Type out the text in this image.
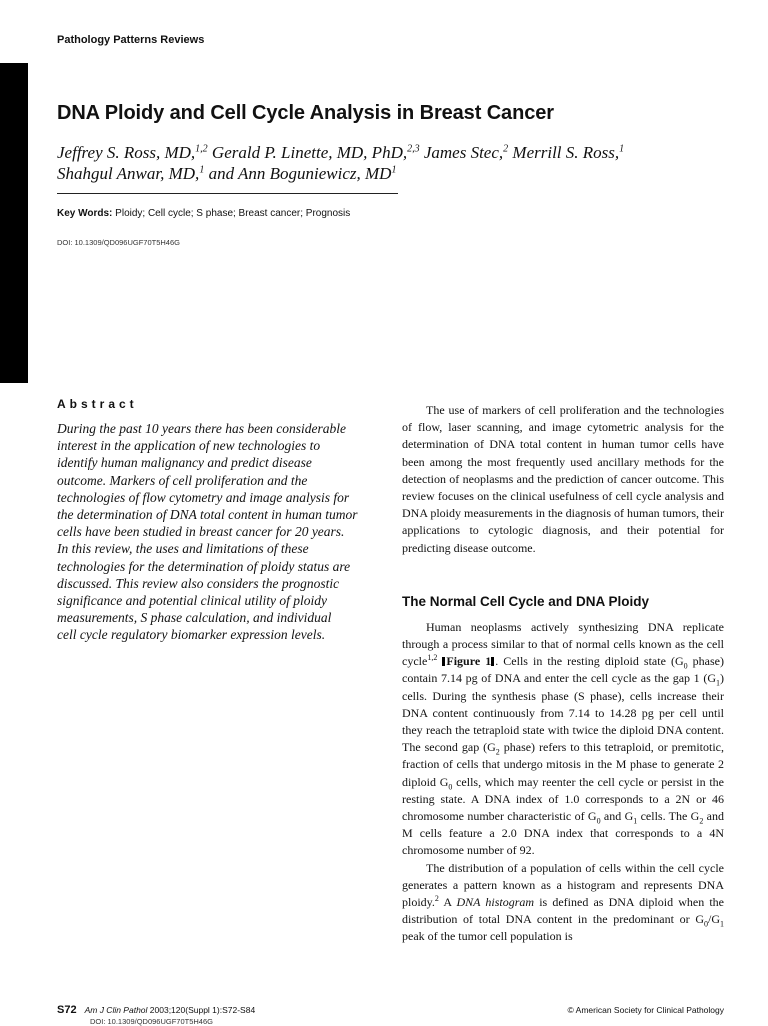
Pathology Patterns Reviews
DNA Ploidy and Cell Cycle Analysis in Breast Cancer
Jeffrey S. Ross, MD,$^{1,2}$ Gerald P. Linette, MD, PhD,$^{2,3}$ James Stec,$^2$ Merrill S. Ross,$^1$
Shahgul Anwar, MD,$^1$ and Ann Boguniewicz, $MD^1$
Key Words: Ploidy; Cell cycle; S phase; Breast cancer; Prognosis
DOI: 10.1309/QD096UGF70T5H46G
Abstract
During the past 10 years there has been considerable
interest in the application of new technologies to
identify human malignancy and predict disease
outcome. Markers of cell proliferation and the
technologies of flow cytometry and image analysis for
the determination of DNA total content in human tumor
cells have been studied in breast cancer for 20 years.
In this review, the uses and limitations of these
technologies for the determination of ploidy status are
discussed. This review also considers the prognostic
significance and potential clinical utility of ploidy
measurements, S phase calculation, and individual
cell cycle regulatory biomarker expression levels.

The use of markers of cell proliferation and the technologies of flow, laser scanning, and image cytometric analysis for the determination of DNA total content in human tumor cells have been among the most frequently used ancillary methods for the detection of neoplasms and the prediction of cancer outcome. This review focuses on the clinical usefulness of cell cycle analysis and DNA ploidy measurements in the diagnosis of human tumors, their applications to cytologic diagnosis, and their potential for predicting disease outcome.

The Normal Cell Cycle and DNA Ploidy

Human neoplasms actively synthesizing DNA replicate through a process similar to that of normal cells known as the cell cycle$^{1,2}$ Figure 1 . Cells in the resting diploid state ($G_0$ phase) contain 7.14 pg of DNA and enter the cell cycle as the gap 1 $(G_1)$ cells. During the synthesis phase (S phase), cells increase their DNA content continuously from 7.14 to 14.28 pg per cell until they reach the tetraploid state with twice the diploid DNA content. The second gap ($G_2$ phase) refers to this tetraploid, or premitotic, fraction of cells that undergo mitosis in the M phase to generate 2 diploid $G_0$ cells, which may reenter the cell cycle or persist in the resting state. A DNA index of 1.0 corresponds to a 2N or 46 chromosome number characteristic of $G_0$ and $G_1$ cells. The $G_2$ and M cells feature a 2.0 DNA index that corresponds to a 4N chromosome number of 92.

The distribution of a population of cells within the cell cycle generates a pattern known as a histogram and represents DNA ploidy.$^2$ A DNA histogram is defined as DNA diploid when the distribution of total DNA content in the predominant or $G_0/G_1$ peak of the tumor cell population is

S72 Am J Clin Pathol 2003;120(Suppl 1):S72-S84	© American Society for Clinical Pathology
DOI: 10.1309/QD096UGF70T5H46G
